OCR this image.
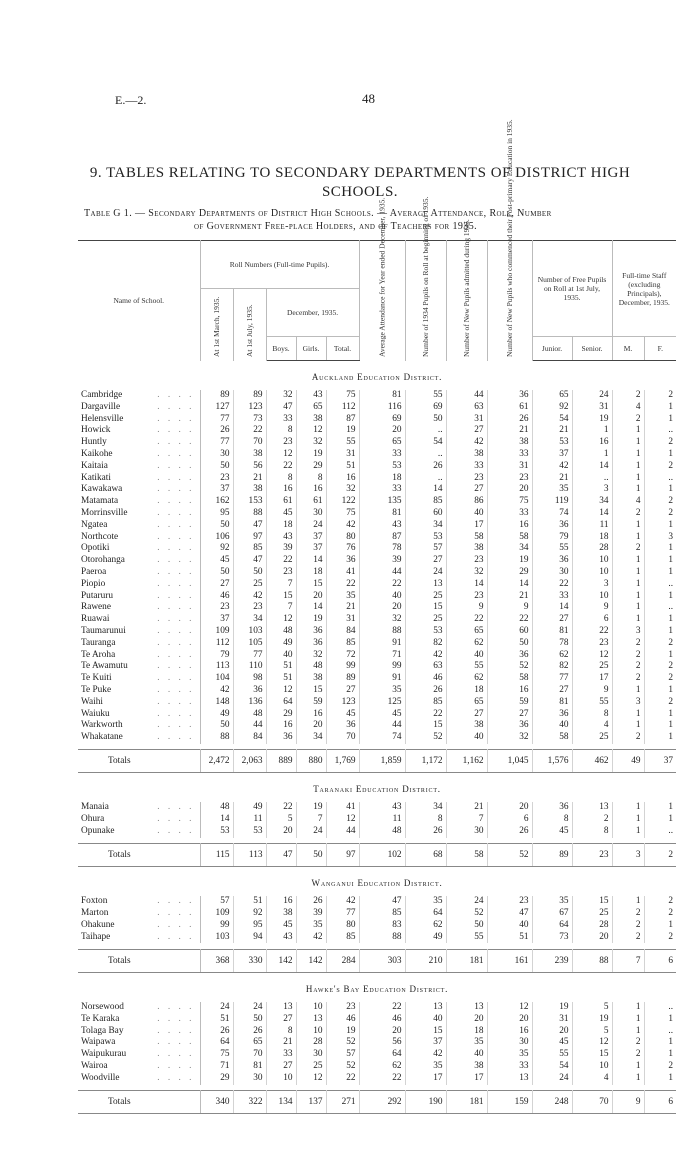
E.—2.	48
9. TABLES RELATING TO SECONDARY DEPARTMENTS OF DISTRICT HIGH SCHOOLS.
Table G 1. — Secondary Departments of District High Schools. — Average Attendance, Roll, Number
of Government Free-place Holders, and of Teachers for 1935.
Name of School.	Roll Numbers (Full-time Pupils).					Average Attendance for Year ended December, 1935.	Number of 1934 Pupils on Roll at beginning of 1935.	Number of New Pupils admitted during 1935.	Number of New Pupils who commenced their Post-primary Education in 1935.	Number of Free Pupils on Roll at 1st July, 1935.		Full-time Staff (excluding Principals), December, 1935.	
	At 1st March, 1935.	At 1st July, 1935.	December, 1935.										
			Boys.	Girls.	Total.					Junior.	Senior.	M.	F.
Auckland Education District.													
Cambridge . . . .	89	89	32	43	75	81	55	44	36	65	24	2	2
Dargaville . . . .	127	123	47	65	112	116	69	63	61	92	31	4	1
Helensville . . . .	77	73	33	38	87	69	50	31	26	54	19	2	1
Howick . . . .	26	22	8	12	19	20	..	27	21	21	1	1	..
Huntly . . . .	77	70	23	32	55	65	54	42	38	53	16	1	2
Kaikohe . . . .	30	38	12	19	31	33	..	38	33	37	1	1	1
Kaitaia . . . .	50	56	22	29	51	53	26	33	31	42	14	1	2
Katikati . . . .	23	21	8	8	16	18	..	23	23	21	..	1	..
Kawakawa . . . .	37	38	16	16	32	33	14	27	20	35	3	1	1
Matamata . . . .	162	153	61	61	122	135	85	86	75	119	34	4	2
Morrinsville . . . .	95	88	45	30	75	81	60	40	33	74	14	2	2
Ngatea . . . .	50	47	18	24	42	43	34	17	16	36	11	1	1
Northcote . . . .	106	97	43	37	80	87	53	58	58	79	18	1	3
Opotiki . . . .	92	85	39	37	76	78	57	38	34	55	28	2	1
Otorohanga . . . .	45	47	22	14	36	39	27	23	19	36	10	1	1
Paeroa . . . .	50	50	23	18	41	44	24	32	29	30	10	1	1
Piopio . . . .	27	25	7	15	22	22	13	14	14	22	3	1	..
Putaruru . . . .	46	42	15	20	35	40	25	23	21	33	10	1	1
Rawene . . . .	23	23	7	14	21	20	15	9	9	14	9	1	..
Ruawai . . . .	37	34	12	19	31	32	25	22	22	27	6	1	1
Taumarunui . . . .	109	103	48	36	84	88	53	65	60	81	22	3	1
Tauranga . . . .	112	105	49	36	85	91	82	62	50	78	23	2	2
Te Aroha . . . .	79	77	40	32	72	71	42	40	36	62	12	2	1
Te Awamutu . . . .	113	110	51	48	99	99	63	55	52	82	25	2	2
Te Kuiti . . . .	104	98	51	38	89	91	46	62	58	77	17	2	2
Te Puke . . . .	42	36	12	15	27	35	26	18	16	27	9	1	1
Waihi . . . .	148	136	64	59	123	125	85	65	59	81	55	3	2
Waiuku . . . .	49	48	29	16	45	45	22	27	27	36	8	1	1
Warkworth . . . .	50	44	16	20	36	44	15	38	36	40	4	1	1
Whakatane . . . .	88	84	36	34	70	74	52	40	32	58	25	2	1

Totals	2,472	2,063	889	880	1,769	1,859	1,172	1,162	1,045	1,576	462	49	37
Taranaki Education District.													
Manaia . . . .	48	49	22	19	41	43	34	21	20	36	13	1	1
Ohura . . . .	14	11	5	7	12	11	8	7	6	8	2	1	1
Opunake . . . .	53	53	20	24	44	48	26	30	26	45	8	1	..

Totals	115	113	47	50	97	102	68	58	52	89	23	3	2
Wanganui Education District.													
Foxton . . . .	57	51	16	26	42	47	35	24	23	35	15	1	2
Marton . . . .	109	92	38	39	77	85	64	52	47	67	25	2	2
Ohakune . . . .	99	95	45	35	80	83	62	50	40	64	28	2	1
Taihape . . . .	103	94	43	42	85	88	49	55	51	73	20	2	2

Totals	368	330	142	142	284	303	210	181	161	239	88	7	6
Hawke's Bay Education District.													
Norsewood . . . .	24	24	13	10	23	22	13	13	12	19	5	1	..
Te Karaka . . . .	51	50	27	13	46	46	40	20	20	31	19	1	1
Tolaga Bay . . . .	26	26	8	10	19	20	15	18	16	20	5	1	..
Waipawa . . . .	64	65	21	28	52	56	37	35	30	45	12	2	1
Waipukurau . . . .	75	70	33	30	57	64	42	40	35	55	15	2	1
Wairoa . . . .	71	81	27	25	52	62	35	38	33	54	10	1	2
Woodville . . . .	29	30	10	12	22	22	17	17	13	24	4	1	1

Totals	340	322	134	137	271	292	190	181	159	248	70	9	6
